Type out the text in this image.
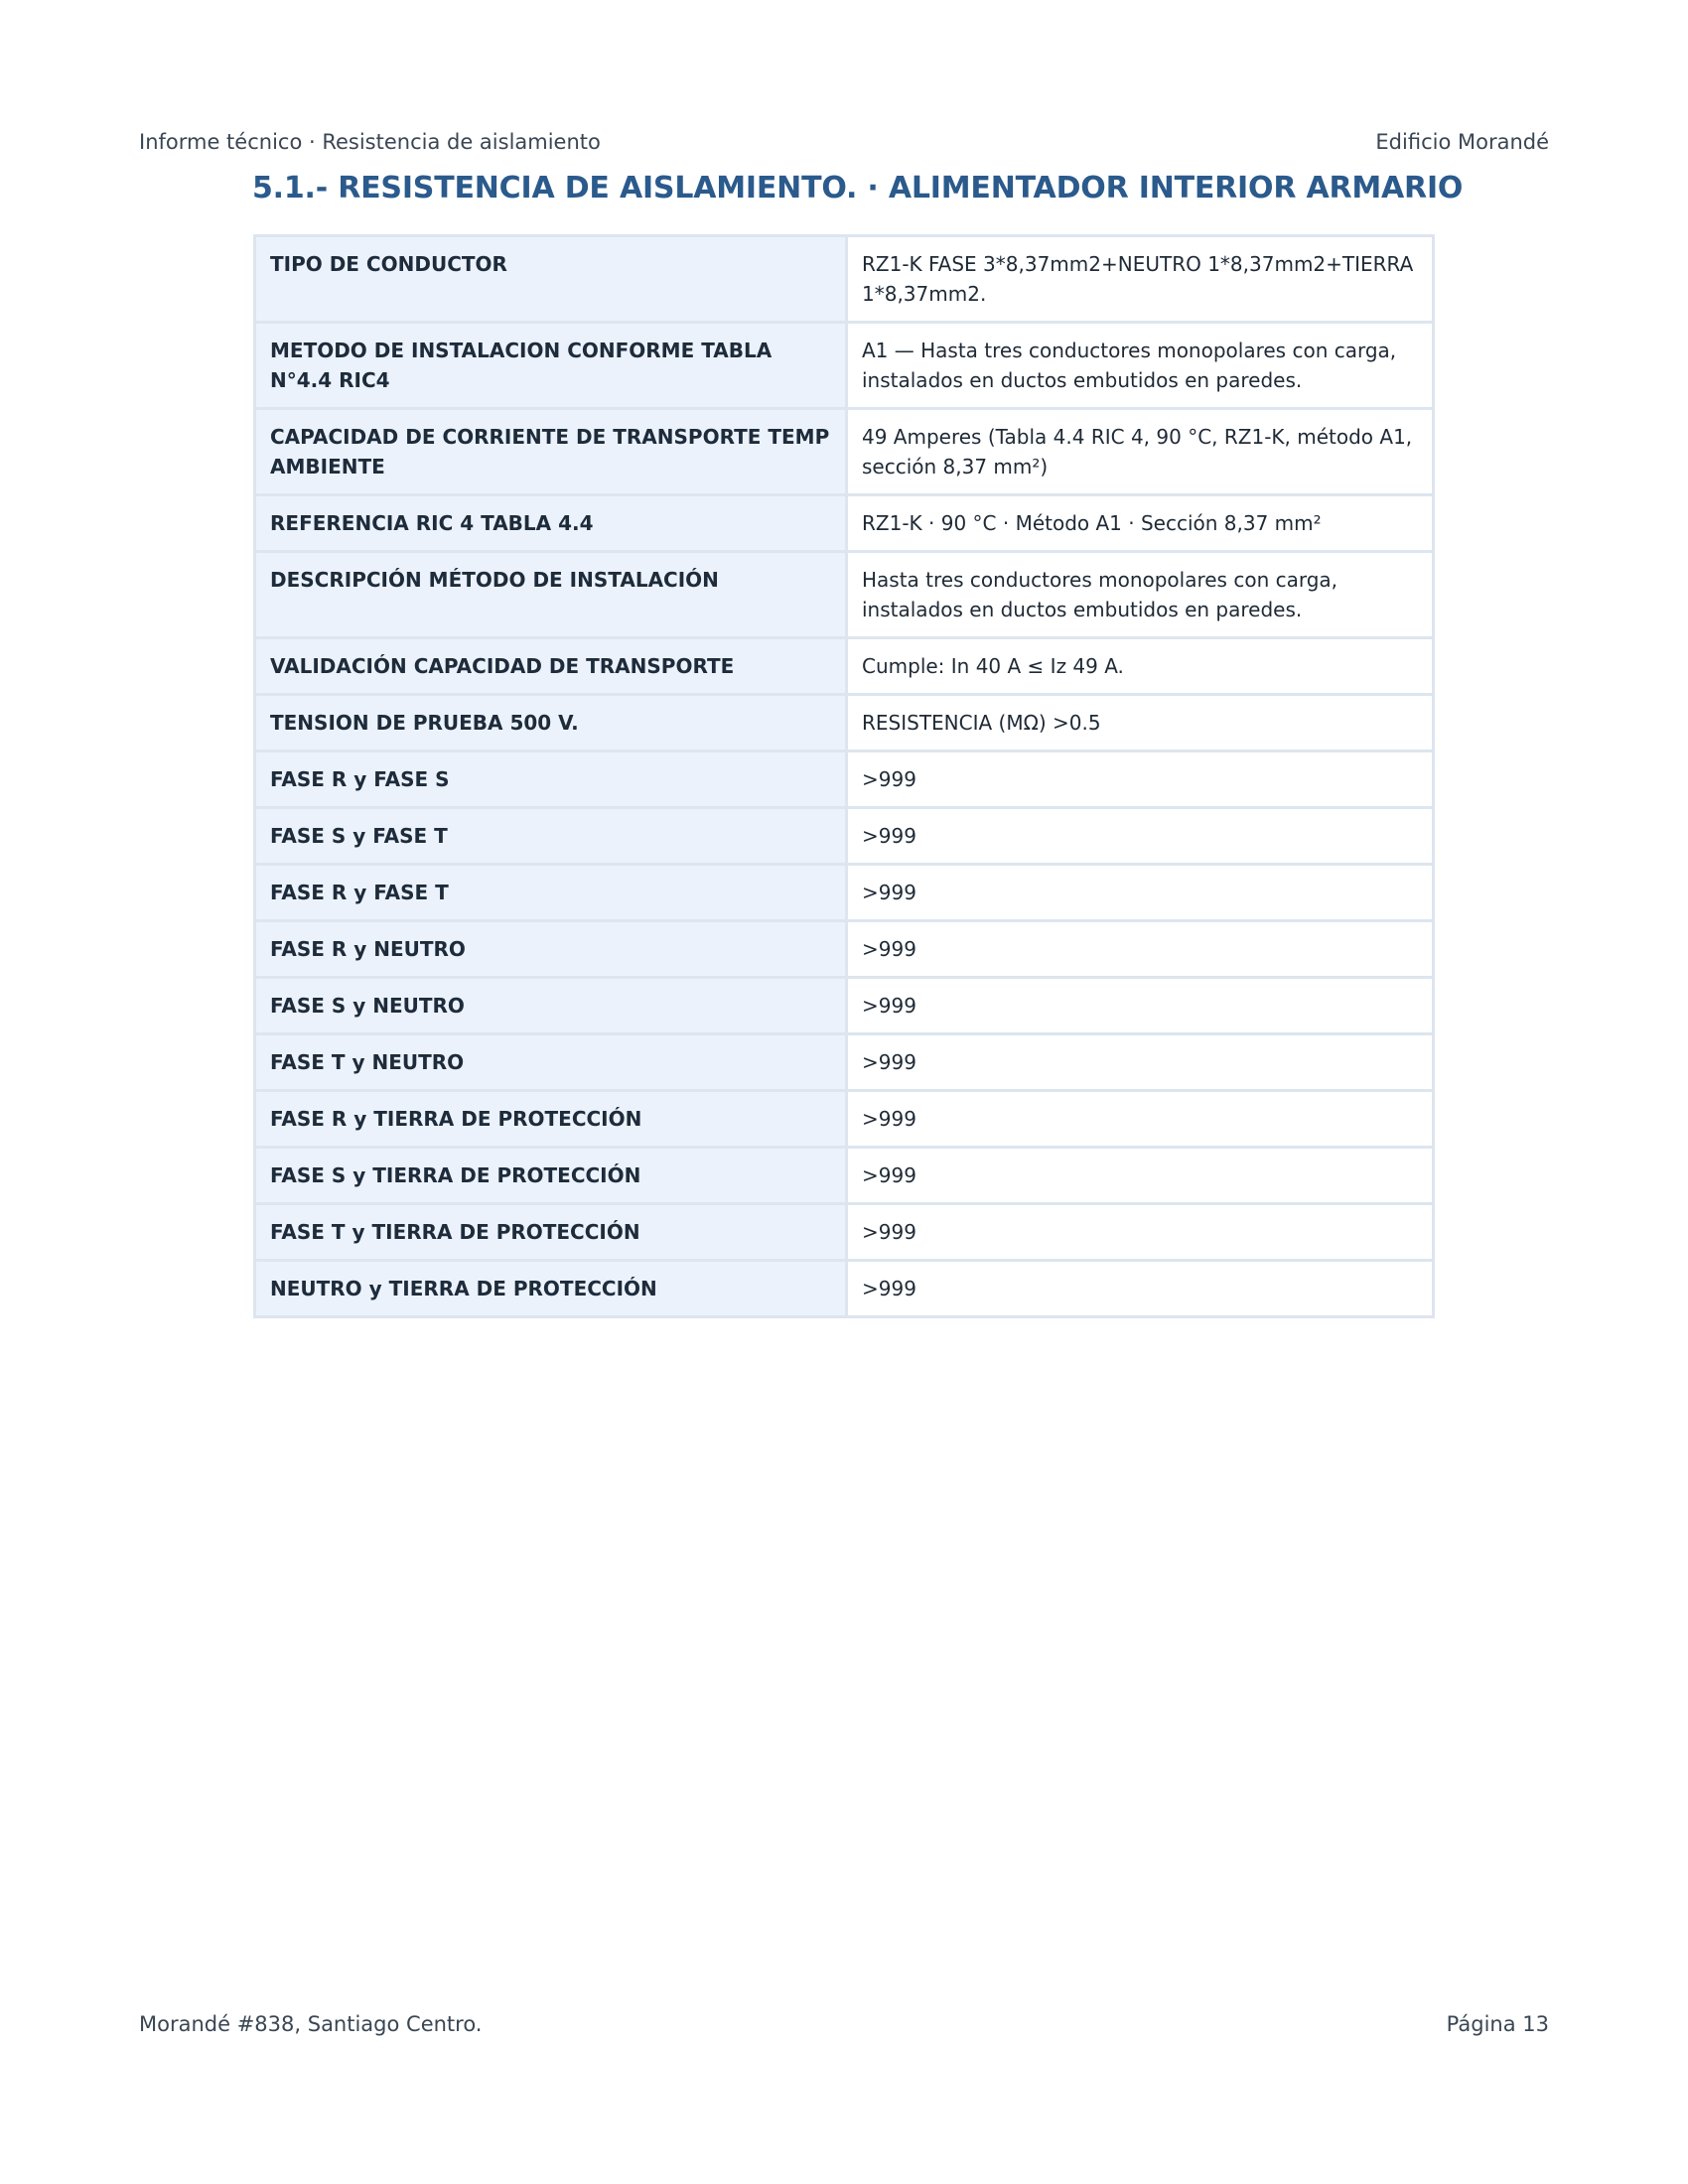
Informe técnico · Resistencia de aislamiento	Edificio Morandé
5.1.- RESISTENCIA DE AISLAMIENTO. · ALIMENTADOR INTERIOR ARMARIO
TIPO DE CONDUCTOR	RZ1-K FASE 3*8,37mm2+NEUTRO 1*8,37mm2+TIERRA 1*8,37mm2.
METODO DE INSTALACION CONFORME TABLA N°4.4 RIC4	A1 — Hasta tres conductores monopolares con carga, instalados en ductos embutidos en paredes.
CAPACIDAD DE CORRIENTE DE TRANSPORTE TEMP AMBIENTE	49 Amperes (Tabla 4.4 RIC 4, 90 °C, RZ1-K, método A1, sección 8,37 mm²)
REFERENCIA RIC 4 TABLA 4.4	RZ1-K · 90 °C · Método A1 · Sección 8,37 mm²
DESCRIPCIÓN MÉTODO DE INSTALACIÓN	Hasta tres conductores monopolares con carga, instalados en ductos embutidos en paredes.
VALIDACIÓN CAPACIDAD DE TRANSPORTE	Cumple: In 40 A ≤ Iz 49 A.
TENSION DE PRUEBA 500 V.	RESISTENCIA (MΩ) >0.5
FASE R y FASE S	>999
FASE S y FASE T	>999
FASE R y FASE T	>999
FASE R y NEUTRO	>999
FASE S y NEUTRO	>999
FASE T y NEUTRO	>999
FASE R y TIERRA DE PROTECCIÓN	>999
FASE S y TIERRA DE PROTECCIÓN	>999
FASE T y TIERRA DE PROTECCIÓN	>999
NEUTRO y TIERRA DE PROTECCIÓN	>999
Morandé #838, Santiago Centro.	Página 13
